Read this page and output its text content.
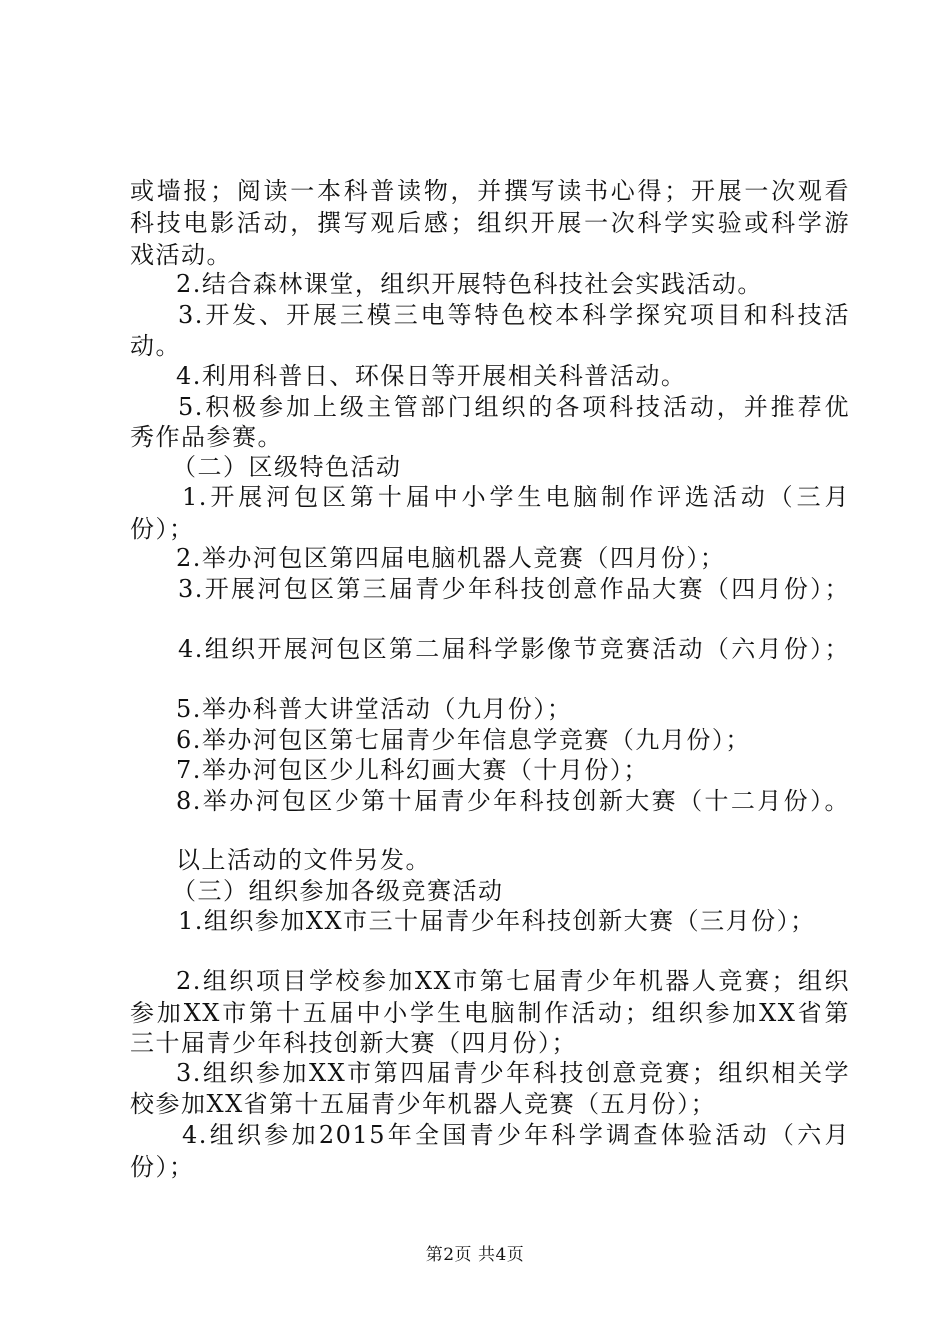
或墙报；阅读一本科普读物，并撰写读书心得；开展一次观看
科技电影活动，撰写观后感；组织开展一次科学实验或科学游
戏活动。
2.结合森林课堂，组织开展特色科技社会实践活动。
3.开发、开展三模三电等特色校本科学探究项目和科技活
动。
4.利用科普日、环保日等开展相关科普活动。
5.积极参加上级主管部门组织的各项科技活动，并推荐优
秀作品参赛。
（二）区级特色活动
1.开展河包区第十届中小学生电脑制作评选活动（三月
份）；
2.举办河包区第四届电脑机器人竞赛（四月份）；
3.开展河包区第三届青少年科技创意作品大赛（四月份）；
4.组织开展河包区第二届科学影像节竞赛活动（六月份）；
5.举办科普大讲堂活动（九月份）；
6.举办河包区第七届青少年信息学竞赛（九月份）；
7.举办河包区少儿科幻画大赛（十月份）；
8.举办河包区少第十届青少年科技创新大赛（十二月份）。
以上活动的文件另发。
（三）组织参加各级竞赛活动
1.组织参加XX市三十届青少年科技创新大赛（三月份）；
2.组织项目学校参加XX市第七届青少年机器人竞赛；组织
参加XX市第十五届中小学生电脑制作活动；组织参加XX省第
三十届青少年科技创新大赛（四月份）；
3.组织参加XX市第四届青少年科技创意竞赛；组织相关学
校参加XX省第十五届青少年机器人竞赛（五月份）；
4.组织参加2015年全国青少年科学调查体验活动（六月
份）；
第2页 共4页
